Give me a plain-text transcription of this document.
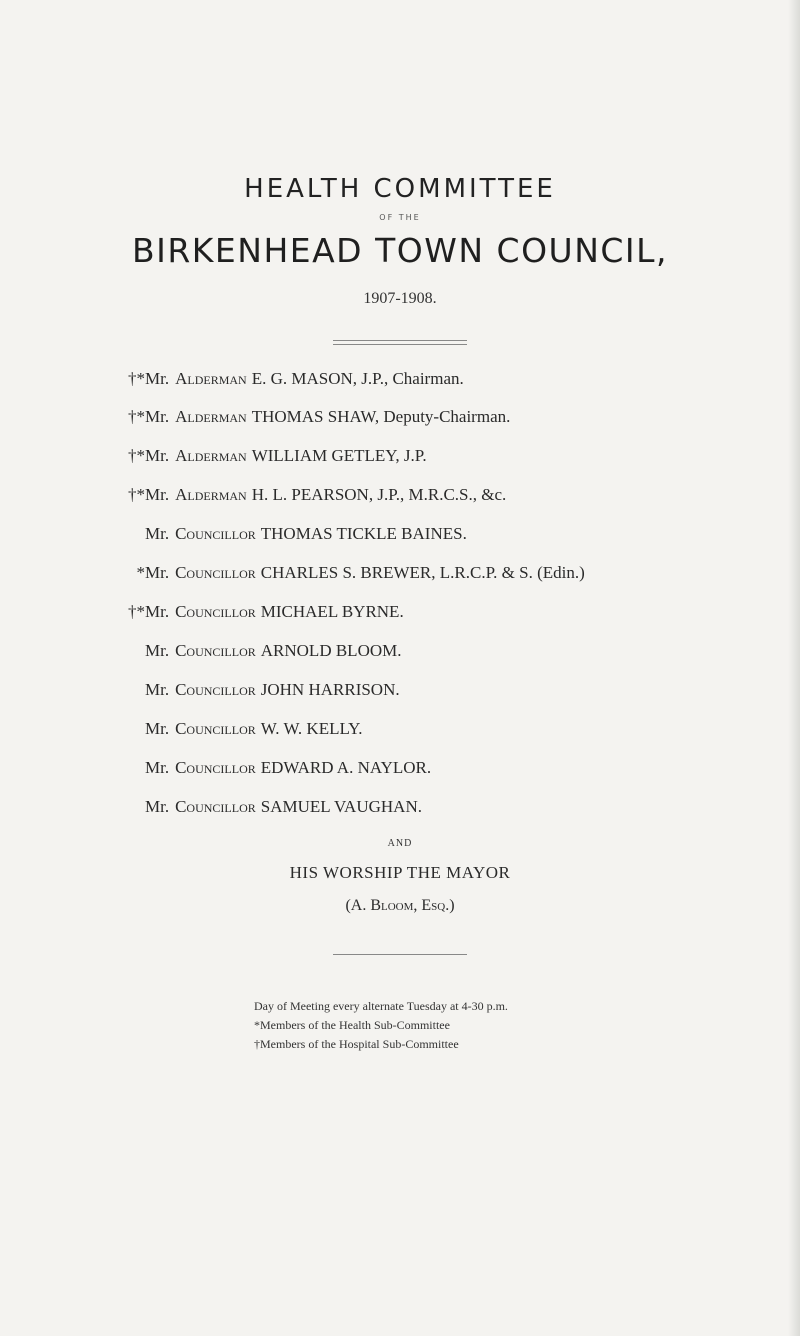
HEALTH COMMITTEE
OF THE
BIRKENHEAD TOWN COUNCIL,
1907-1908.
†*Mr. Alderman E. G. MASON, J.P., Chairman.
†*Mr. Alderman THOMAS SHAW, Deputy-Chairman.
†*Mr. Alderman WILLIAM GETLEY, J.P.
†*Mr. Alderman H. L. PEARSON, J.P., M.R.C.S., &c.
Mr. Councillor THOMAS TICKLE BAINES.
*Mr. Councillor CHARLES S. BREWER, L.R.C.P. & S. (Edin.)
†*Mr. Councillor MICHAEL BYRNE.
Mr. Councillor ARNOLD BLOOM.
Mr. Councillor JOHN HARRISON.
Mr. Councillor W. W. KELLY.
Mr. Councillor EDWARD A. NAYLOR.
Mr. Councillor SAMUEL VAUGHAN.
AND
HIS WORSHIP THE MAYOR
(A. Bloom, Esq.)
Day of Meeting every alternate Tuesday at 4-30 p.m.
*Members of the Health Sub-Committee
†Members of the Hospital Sub-Committee
